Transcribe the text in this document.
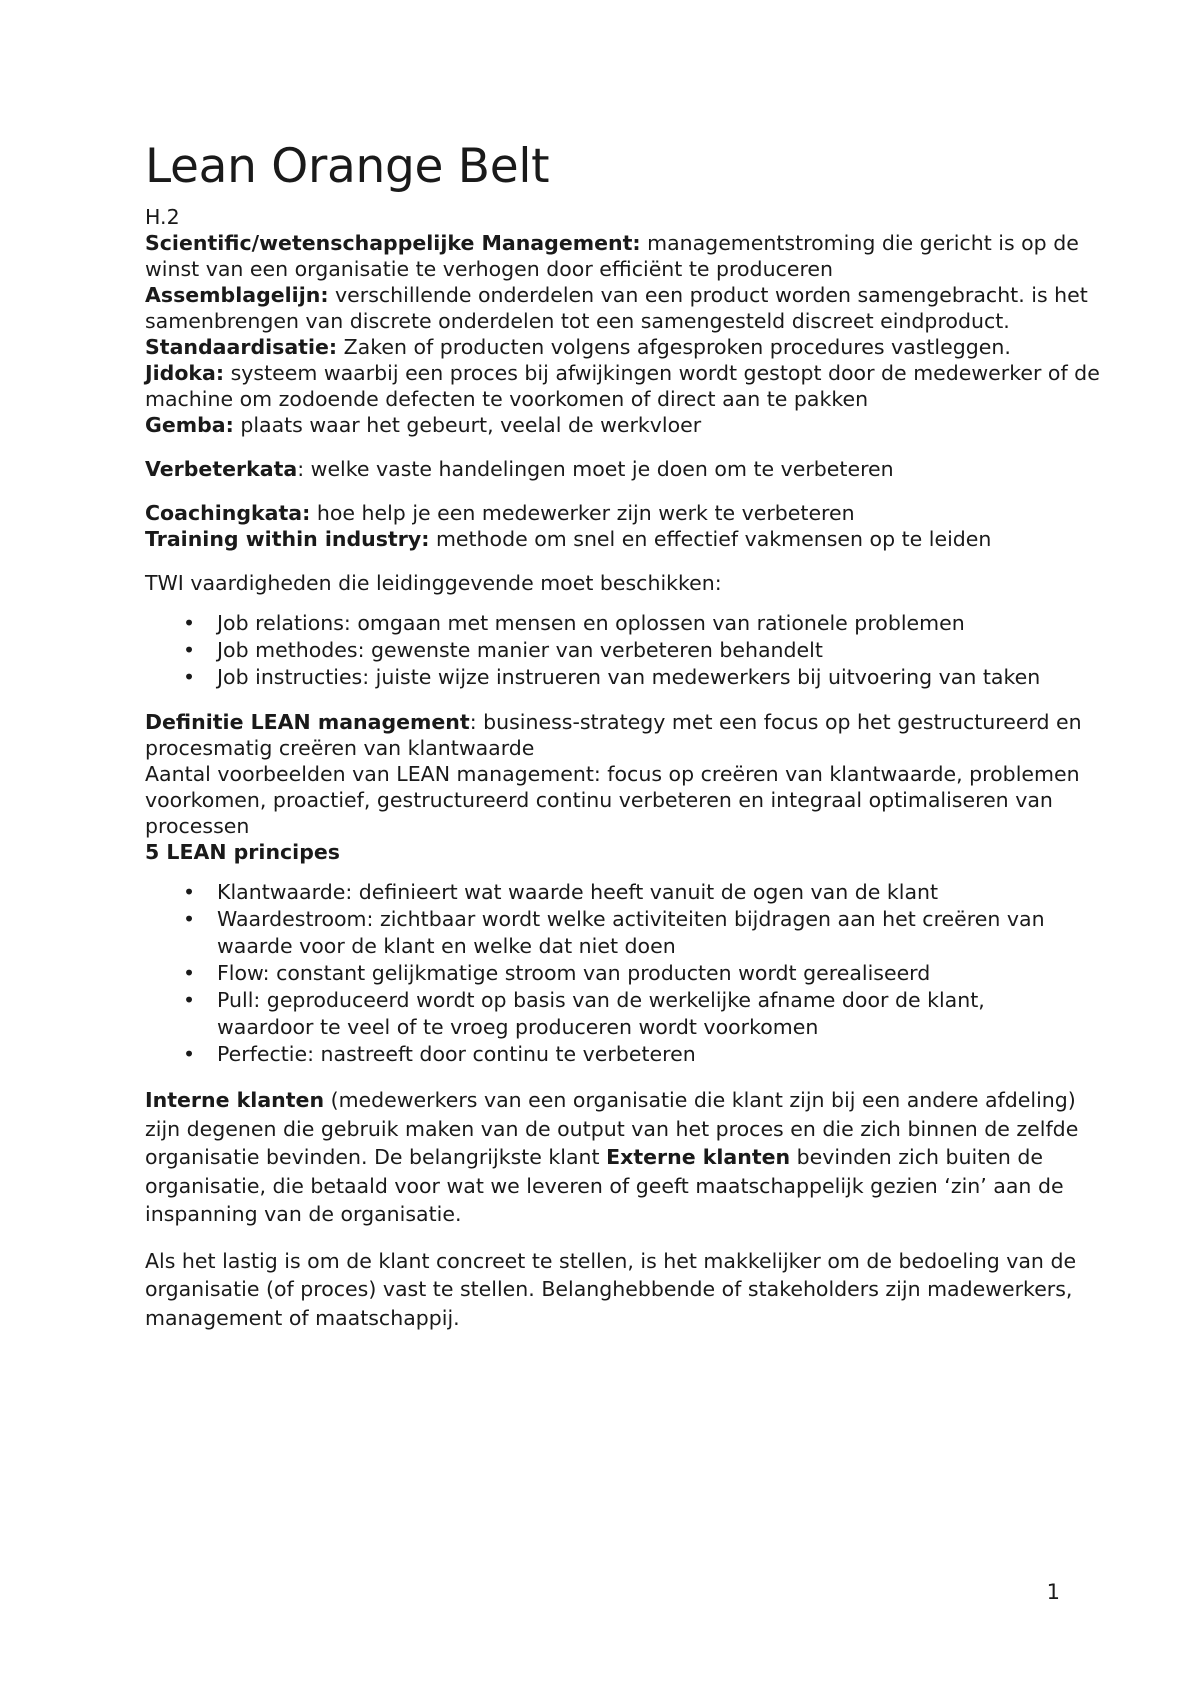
Lean Orange Belt

H.2

Scientific/wetenschappelijke Management: managementstroming die gericht is op de winst van een organisatie te verhogen door efficiënt te produceren

Assemblagelijn: verschillende onderdelen van een product worden samengebracht. is het samenbrengen van discrete onderdelen tot een samengesteld discreet eindproduct.

Standaardisatie: Zaken of producten volgens afgesproken procedures vastleggen.

Jidoka: systeem waarbij een proces bij afwijkingen wordt gestopt door de medewerker of de machine om zodoende defecten te voorkomen of direct aan te pakken

Gemba: plaats waar het gebeurt, veelal de werkvloer

Verbeterkata: welke vaste handelingen moet je doen om te verbeteren

Coachingkata: hoe help je een medewerker zijn werk te verbeteren

Training within industry: methode om snel en effectief vakmensen op te leiden

TWI vaardigheden die leidinggevende moet beschikken:

• Job relations: omgaan met mensen en oplossen van rationele problemen
• Job methodes: gewenste manier van verbeteren behandelt
• Job instructies: juiste wijze instrueren van medewerkers bij uitvoering van taken

Definitie LEAN management: business-strategy met een focus op het gestructureerd en procesmatig creëren van klantwaarde

Aantal voorbeelden van LEAN management: focus op creëren van klantwaarde, problemen voorkomen, proactief, gestructureerd continu verbeteren en integraal optimaliseren van processen

5 LEAN principes

• Klantwaarde: definieert wat waarde heeft vanuit de ogen van de klant
• Waardestroom: zichtbaar wordt welke activiteiten bijdragen aan het creëren van waarde voor de klant en welke dat niet doen
• Flow: constant gelijkmatige stroom van producten wordt gerealiseerd
• Pull: geproduceerd wordt op basis van de werkelijke afname door de klant, waardoor te veel of te vroeg produceren wordt voorkomen
• Perfectie: nastreeft door continu te verbeteren

Interne klanten (medewerkers van een organisatie die klant zijn bij een andere afdeling) zijn degenen die gebruik maken van de output van het proces en die zich binnen de zelfde organisatie bevinden. De belangrijkste klant Externe klanten bevinden zich buiten de organisatie, die betaald voor wat we leveren of geeft maatschappelijk gezien ‘zin’ aan de inspanning van de organisatie.

Als het lastig is om de klant concreet te stellen, is het makkelijker om de bedoeling van de organisatie (of proces) vast te stellen. Belanghebbende of stakeholders zijn madewerkers, management of maatschappij.

1
